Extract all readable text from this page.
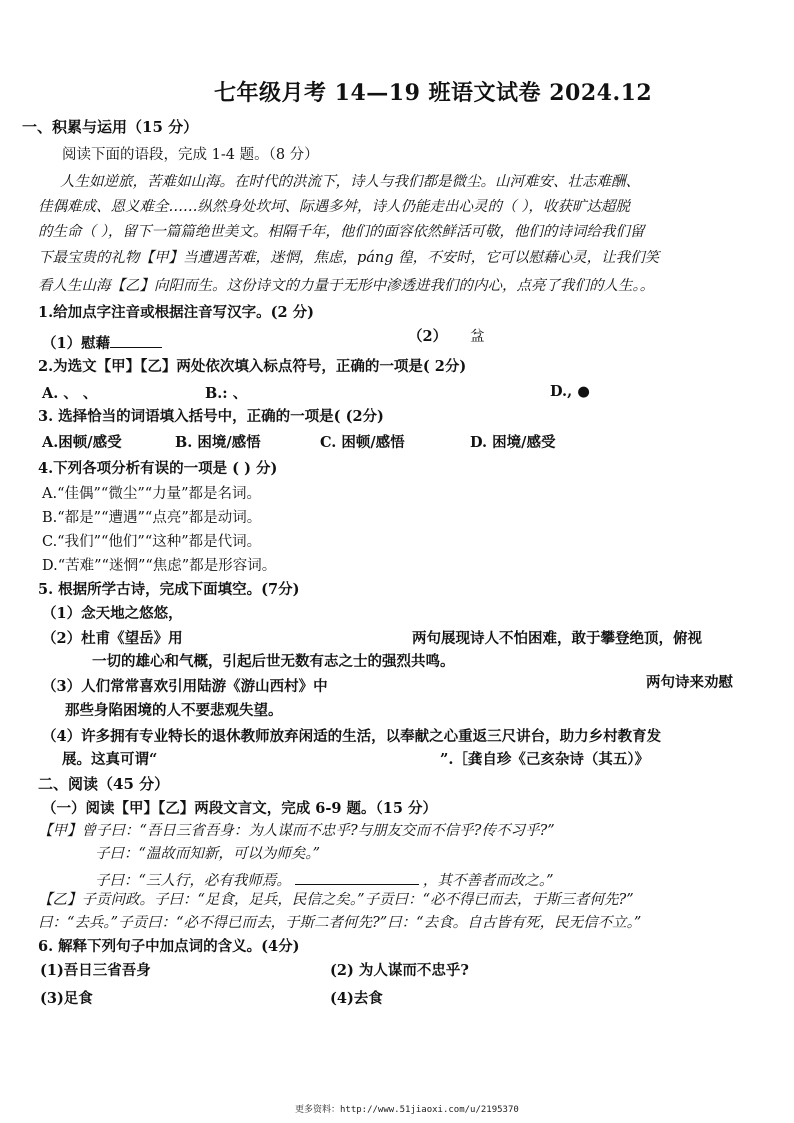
七年级月考 14—19 班语文试卷 2024.12
一、积累与运用（15 分）
阅读下面的语段，完成 1-4 题。（8 分）
人生如逆旅，苦难如山海。在时代的洪流下，诗人与我们都是微尘。山河难安、壮志难酬、
佳偶难成、恩义难全……纵然身处坎坷、际遇多舛，诗人仍能走出心灵的（ ），收获旷达超脱
的生命（ ），留下一篇篇绝世美文。相隔千年，他们的面容依然鲜活可敬，他们的诗词给我们留
下最宝贵的礼物【甲】当遭遇苦难，迷惘，焦虑，páng 徨，不安时，它可以慰藉心灵，让我们笑
看人生山海【乙】向阳而生。这份诗文的力量于无形中渗透进我们的内心，点亮了我们的人生。。
1.给加点字注音或根据注音写汉字。(2 分)
（1）慰藉	（2） 㿽
2.为选文【甲】【乙】两处依次填入标点符号，正确的一项是( 2分)
A. 、 、	B.: 、	D., ●
3. 选择恰当的词语填入括号中，正确的一项是( (2分)
A.困顿/感受	B. 困境/感悟	C. 困顿/感悟	D. 困境/感受
4.下列各项分析有误的一项是 ( ) 分)
A.“佳偶”“微尘”“力量”都是名词。
B.“都是”“遭遇”“点亮”都是动词。
C.“我们”“他们”“这种”都是代词。
D.“苦难”“迷惘”“焦虑”都是形容词。
5. 根据所学古诗，完成下面填空。(7分)
（1）念天地之悠悠，
（2）杜甫《望岳》用	两句展现诗人不怕困难，敢于攀登绝顶，俯视
一切的雄心和气概，引起后世无数有志之士的强烈共鸣。
（3）人们常常喜欢引用陆游《游山西村》中	两句诗来劝慰
那些身陷困境的人不要悲观失望。
（4）许多拥有专业特长的退休教师放弃闲适的生活，以奉献之心重返三尺讲台，助力乡村教育发
展。这真可谓“	”.［龚自珍《己亥杂诗（其五）》
二、阅读（45 分）
（一）阅读【甲】【乙】两段文言文，完成 6-9 题。（15 分）
【甲】曾子曰：“吾日三省吾身：为人谋而不忠乎?与朋友交而不信乎?传不习乎?”
子曰：“温故而知新，可以为师矣。”
子曰：“三人行，必有我师焉。	，其不善者而改之。”
【乙】子贡问政。子曰：“足食，足兵，民信之矣。”子贡曰：“必不得已而去，于斯三者何先?”
曰：“去兵。”子贡曰：“必不得已而去，于斯二者何先?”曰：“去食。自古皆有死，民无信不立。”
6. 解释下列句子中加点词的含义。(4分)
(1)吾日三省吾身	(2) 为人谋而不忠乎?
(3)足食	(4)去食
更多资料：http://www.51jiaoxi.com/u/2195370
